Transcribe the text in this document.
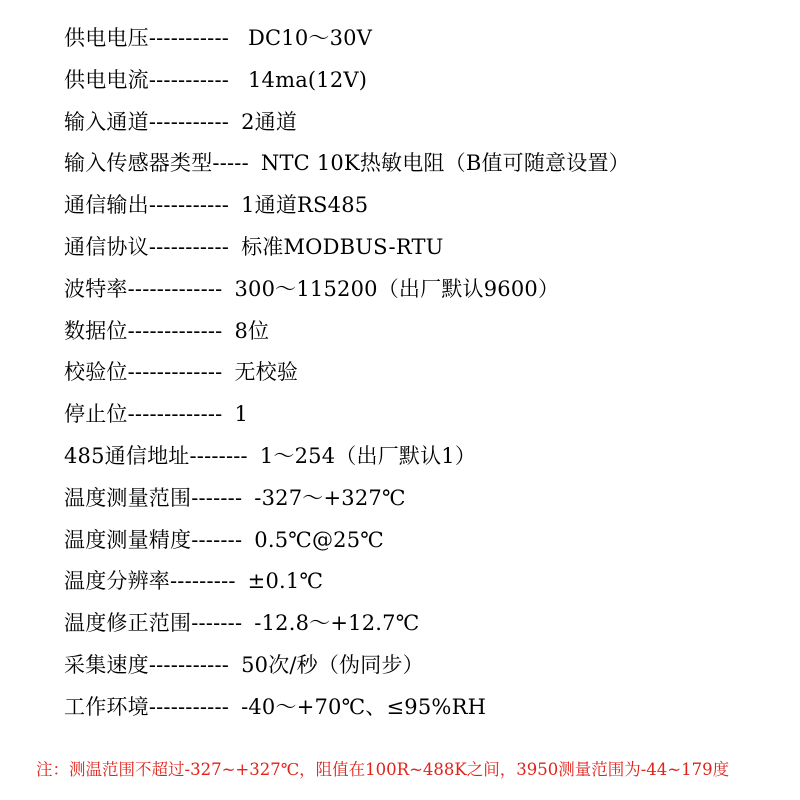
供电电压----------- DC10～30V
供电电流----------- 14ma(12V)
输入通道----------- 2通道
输入传感器类型----- NTC 10K热敏电阻（B值可随意设置）
通信输出----------- 1通道RS485
通信协议----------- 标准MODBUS-RTU
波特率------------- 300～115200（出厂默认9600）
数据位------------- 8位
校验位------------- 无校验
停止位------------- 1
485通信地址-------- 1～254（出厂默认1）
温度测量范围------- -327～+327℃
温度测量精度------- 0.5℃@25℃
温度分辨率--------- ±0.1℃
温度修正范围------- -12.8～+12.7℃
采集速度----------- 50次/秒（伪同步）
工作环境----------- -40～+70℃、≤95%RH
注：测温范围不超过-327~+327℃，阻值在100R~488K之间，3950测量范围为-44~179度
